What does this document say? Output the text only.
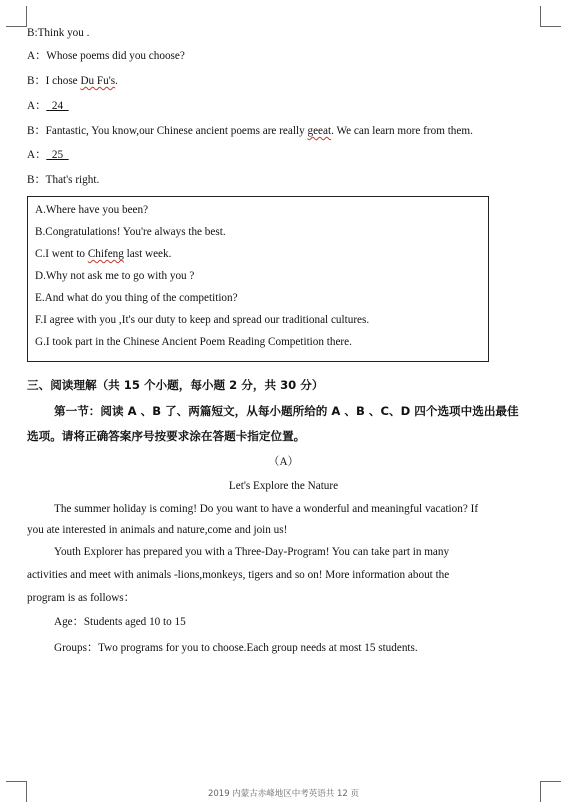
B:Think you .
A：Whose poems did you choose?
B：I chose Du Fu's.
A：  24
B：Fantastic, You know,our Chinese ancient poems are really geeat. We can learn more from them.
A：  25
B：That's right.
A.Where have you been?
B.Congratulations! You're always the best.
C.I went to Chifeng last week.
D.Why not ask me to go with you ?
E.And what do you thing of the competition?
F.I agree with you ,It's our duty to keep and spread our traditional cultures.
G.I took part in the Chinese Ancient Poem Reading Competition there.
三、阅读理解（共 15 个小题，每小题 2 分，共 30 分）
第一节：阅读 A 、B 了、两篇短文，从每小题所给的 A 、B 、C、D 四个选项中选出最佳
选项。请将正确答案序号按要求涂在答题卡指定位置。
（A）
Let's Explore the Nature
The summer holiday is coming! Do you want to have a wonderful and meaningful vacation? If
you ate interested in animals and nature,come and join us!
Youth Explorer has prepared you with a Three-Day-Program! You can take part in many
activities and meet with animals -lions,monkeys, tigers and so on! More information about the
program is as follows：
Age：Students aged 10 to 15
Groups：Two programs for you to choose.Each group needs at most 15 students.
2019 内蒙古赤峰地区中考英语共 12 页
